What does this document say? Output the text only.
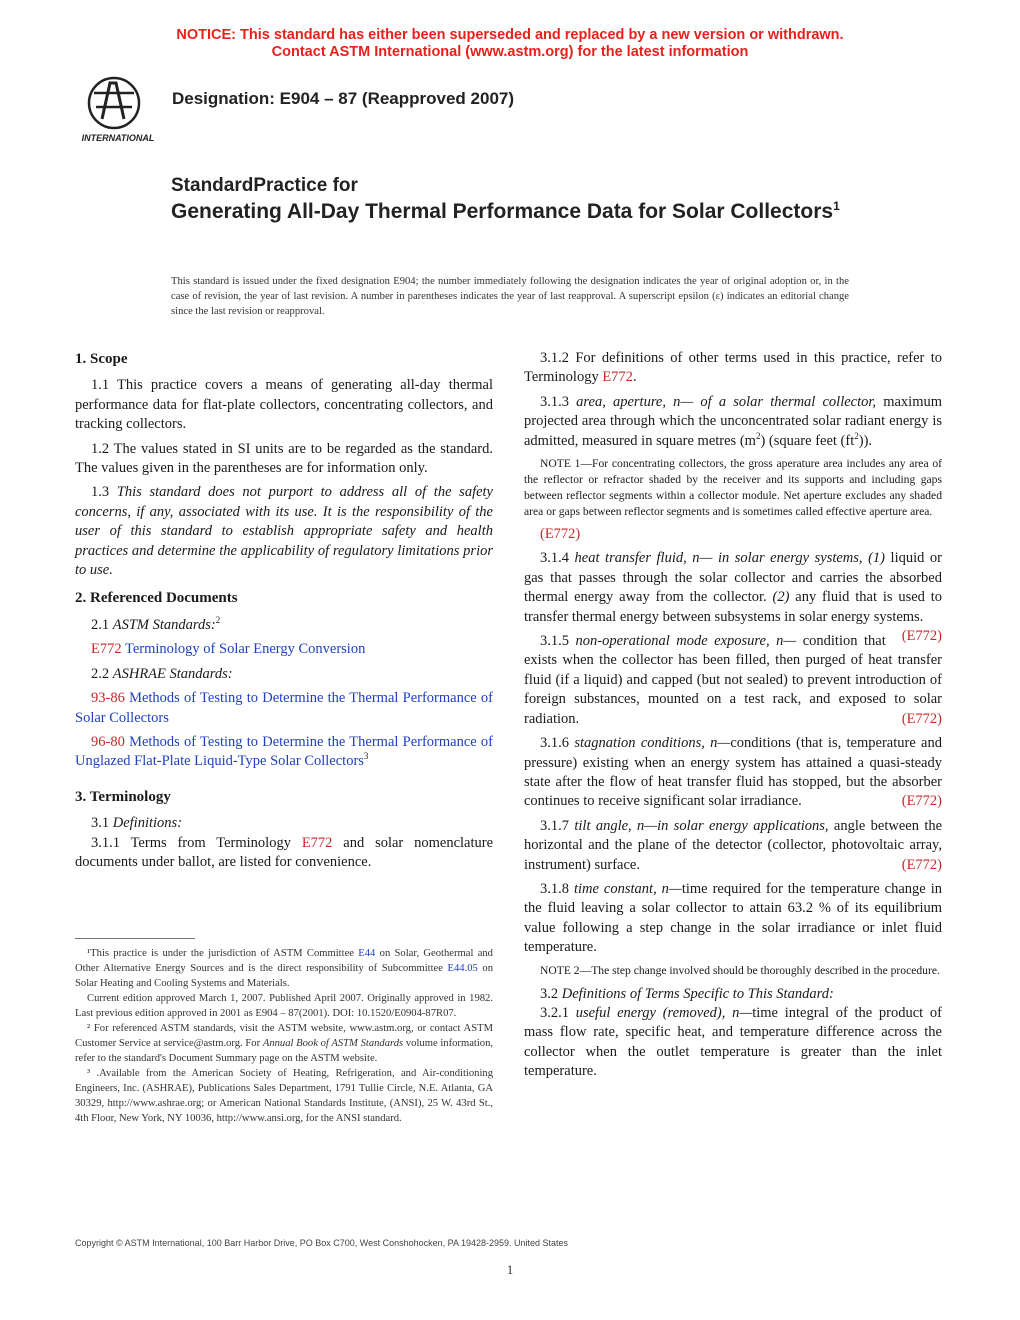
NOTICE: This standard has either been superseded and replaced by a new version or withdrawn.
Contact ASTM International (www.astm.org) for the latest information
INTERNATIONAL
Designation: E904 – 87 (Reapproved 2007)
StandardPractice for
Generating All-Day Thermal Performance Data for Solar Collectors$^1$
This standard is issued under the fixed designation E904; the number immediately following the designation indicates the year of original adoption or, in the case of revision, the year of last revision. A number in parentheses indicates the year of last reapproval. A superscript epsilon (ε) indicates an editorial change since the last revision or reapproval.
1. Scope

1.1 This practice covers a means of generating all-day thermal performance data for flat-plate collectors, concentrating collectors, and tracking collectors.

1.2 The values stated in SI units are to be regarded as the standard. The values given in the parentheses are for information only.

1.3 This standard does not purport to address all of the safety concerns, if any, associated with its use. It is the responsibility of the user of this standard to establish appropriate safety and health practices and determine the applicability of regulatory limitations prior to use.

2. Referenced Documents

2.1 ASTM Standards:$^2$

E772 Terminology of Solar Energy Conversion

2.2 ASHRAE Standards:

93-86 Methods of Testing to Determine the Thermal Performance of Solar Collectors

96-80 Methods of Testing to Determine the Thermal Performance of Unglazed Flat-Plate Liquid-Type Solar Collectors$^3$

3. Terminology

3.1 Definitions:

3.1.1 Terms from Terminology E772 and solar nomenclature documents under ballot, are listed for convenience.

3.1.2 For definitions of other terms used in this practice, refer to Terminology E772.

3.1.3 area, aperture, n— of a solar thermal collector, maximum projected area through which the unconcentrated solar radiant energy is admitted, measured in square metres $(m^2)$ (square feet $(ft^2)$).

NOTE 1—For concentrating collectors, the gross aperature area includes any area of the reflector or refractor shaded by the receiver and its supports and including gaps between reflector segments within a collector module. Net aperture excludes any shaded area or gaps between reflector segments and is sometimes called effective aperture area.

(E772)

3.1.4 heat transfer fluid, n— in solar energy systems, (1) liquid or gas that passes through the solar collector and carries the absorbed thermal energy away from the collector. (2) any fluid that is used to transfer thermal energy between subsystems in solar energy systems.
(E772)

3.1.5 non-operational mode exposure, n— condition that exists when the collector has been filled, then purged of heat transfer fluid (if a liquid) and capped (but not sealed) to prevent introduction of foreign substances, mounted on a test rack, and exposed to solar radiation.	(E772)

3.1.6 stagnation conditions, n—conditions (that is, temperature and pressure) existing when an energy system has attained a quasi-steady state after the flow of heat transfer fluid has stopped, but the absorber continues to receive significant solar irradiance.	(E772)

3.1.7 tilt angle, n—in solar energy applications, angle between the horizontal and the plane of the detector (collector, photovoltaic array, instrument) surface.	(E772)

3.1.8 time constant, n—time required for the temperature change in the fluid leaving a solar collector to attain 63.2 % of its equilibrium value following a step change in the solar irradiance or inlet fluid temperature.

NOTE 2—The step change involved should be thoroughly described in the procedure.

3.2 Definitions of Terms Specific to This Standard:

3.2.1 useful energy (removed), n—time integral of the product of mass flow rate, specific heat, and temperature difference across the collector when the outlet temperature is greater than the inlet temperature.

¹This practice is under the jurisdiction of ASTM Committee E44 on Solar, Geothermal and Other Alternative Energy Sources and is the direct responsibility of Subcommittee E44.05 on Solar Heating and Cooling Systems and Materials.

Current edition approved March 1, 2007. Published April 2007. Originally approved in 1982. Last previous edition approved in 2001 as E904 – 87(2001). DOI: 10.1520/E0904-87R07.

² For referenced ASTM standards, visit the ASTM website, www.astm.org, or contact ASTM Customer Service at service@astm.org. For Annual Book of ASTM Standards volume information, refer to the standard's Document Summary page on the ASTM website.

³ .Available from the American Society of Heating, Refrigeration, and Air-conditioning Engineers, Inc. (ASHRAE), Publications Sales Department, 1791 Tullie Circle, N.E. Atlanta, GA 30329, http://www.ashrae.org; or American National Standards Institute, (ANSI), 25 W. 43rd St., 4th Floor, New York, NY 10036, http://www.ansi.org, for the ANSI standard.

Copyright © ASTM International, 100 Barr Harbor Drive, PO Box C700, West Conshohocken, PA 19428-2959. United States
1
